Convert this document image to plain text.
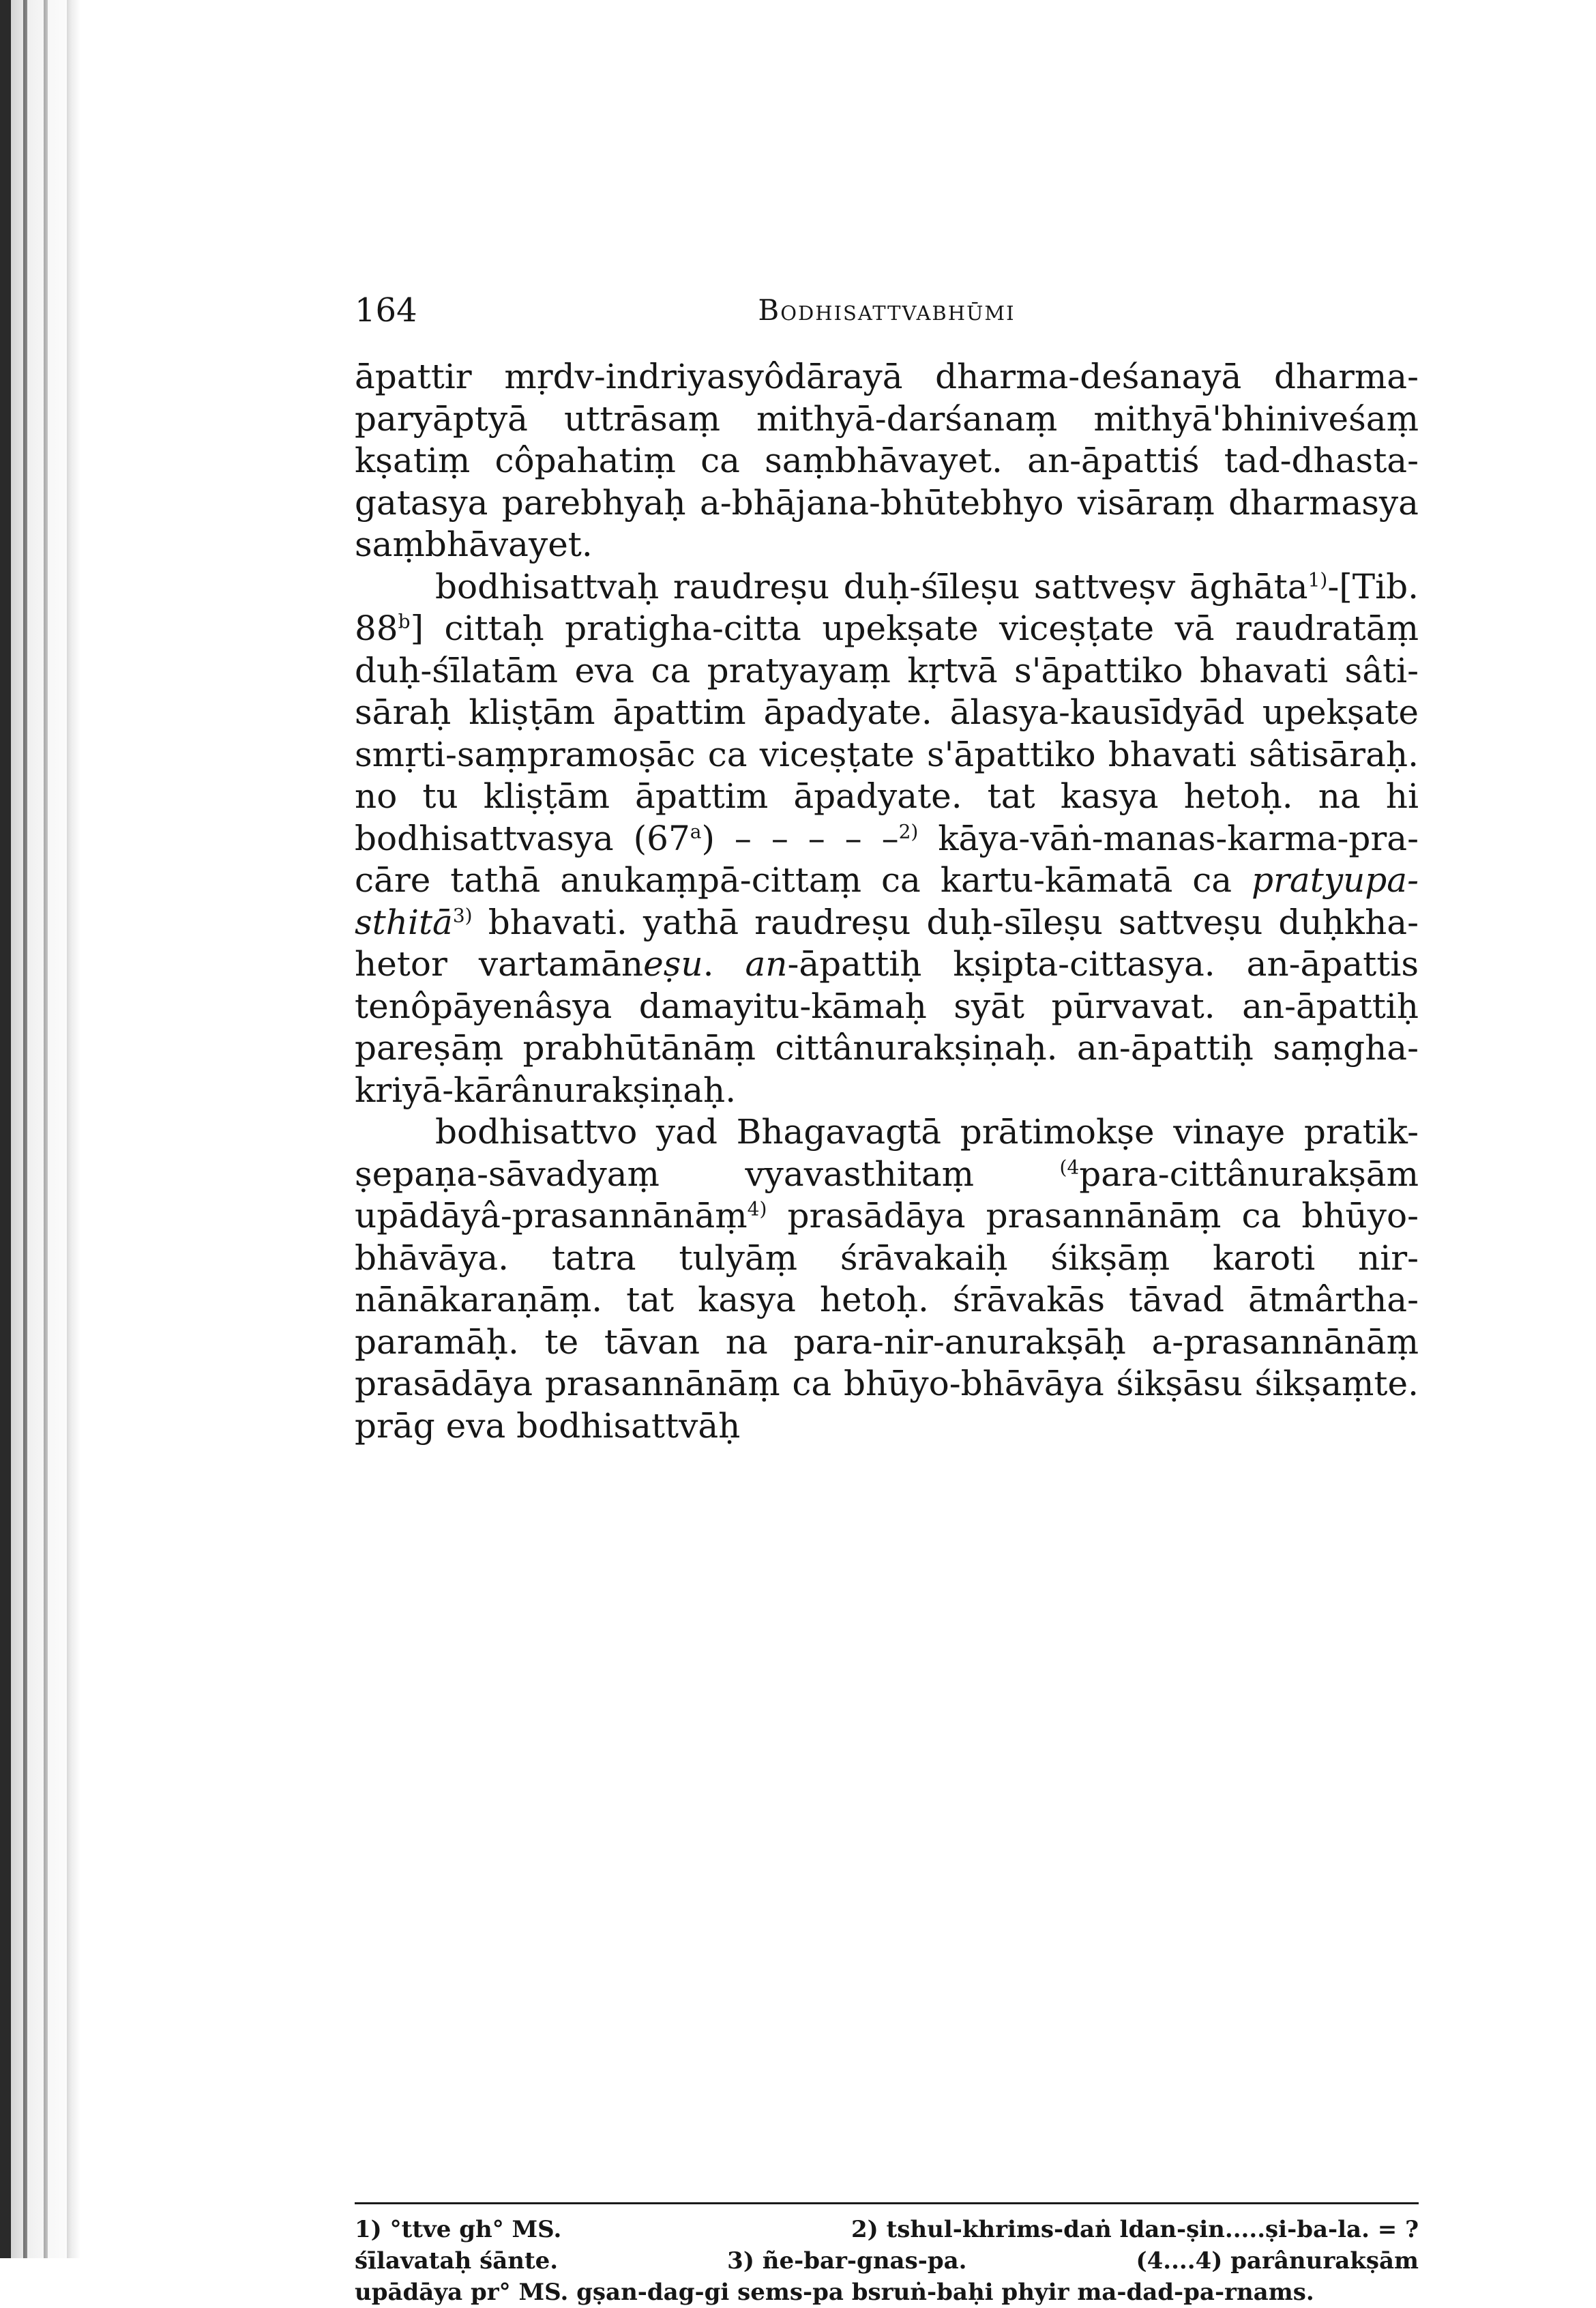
164	Bodhisattvabhūmi

āpattir mṛdv-indriyasyôdārayā dharma-deśanayā dharma-paryāptyā uttrāsaṃ mithyā-darśanaṃ mithyā'bhiniveśaṃ kṣatiṃ côpahatiṃ ca saṃbhāvayet. an-āpattiś tad-dhasta-gatasya parebhyaḥ a-bhājana-bhūtebhyo visāraṃ dharmasya saṃbhāvayet.

bodhisattvaḥ raudreṣu duḥ-śīleṣu sattveṣv āghāta$^{1)}$-[Tib. 88$^b$] cittaḥ pratigha-citta upekṣate viceṣṭate vā raudratāṃ duḥ-śīlatām eva ca pratyayaṃ kṛtvā s'āpattiko bhavati sâti-sāraḥ kliṣṭām āpattim āpadyate. ālasya-kausīdyād upekṣate smṛti-saṃpramoṣāc ca viceṣṭate s'āpattiko bhavati sâtisāraḥ. no tu kliṣṭām āpattim āpadyate. tat kasya hetoḥ. na hi bodhisattvasya (67$^a$) – – – – –$^{2)}$ kāya-vāṅ-manas-karma-pra-cāre tathā anukaṃpā-cittaṃ ca kartu-kāmatā ca pratyupa-sthitā$^{3)}$ bhavati. yathā raudreṣu duḥ-sīleṣu sattveṣu duḥkha-hetor vartamāneṣu. an-āpattiḥ kṣipta-cittasya. an-āpattis tenôpāyenâsya damayitu-kāmaḥ syāt pūrvavat. an-āpattiḥ pareṣāṃ prabhūtānāṃ cittânurakṣiṇaḥ. an-āpattiḥ saṃgha-kriyā-kārânurakṣiṇaḥ.

bodhisattvo yad Bhagavagtā prātimokṣe vinaye pratik-ṣepaṇa-sāvadyaṃ vyavasthitaṃ $^{(4}$para-cittânurakṣām upādāyâ-prasannānāṃ$^{4)}$ prasādāya prasannānāṃ ca bhūyo-bhāvāya. tatra tulyāṃ śrāvakaiḥ śikṣāṃ karoti nir-nānākaraṇāṃ. tat kasya hetoḥ. śrāvakās tāvad ātmârtha-paramāḥ. te tāvan na para-nir-anurakṣāḥ a-prasannānāṃ prasādāya prasannānāṃ ca bhūyo-bhāvāya śikṣāsu śikṣaṃte. prāg eva bodhisattvāḥ

1) °ttve gh° MS.	2) tshul-khrims-daṅ ldan-ṣin.....ṣi-ba-la. = ?
śīlavataḥ śānte.	3) ñe-bar-gnas-pa.	(4....4) parânurakṣām
upādāya pr° MS. gṣan-dag-gi sems-pa bsruṅ-baḥi phyir ma-dad-pa-rnams.
